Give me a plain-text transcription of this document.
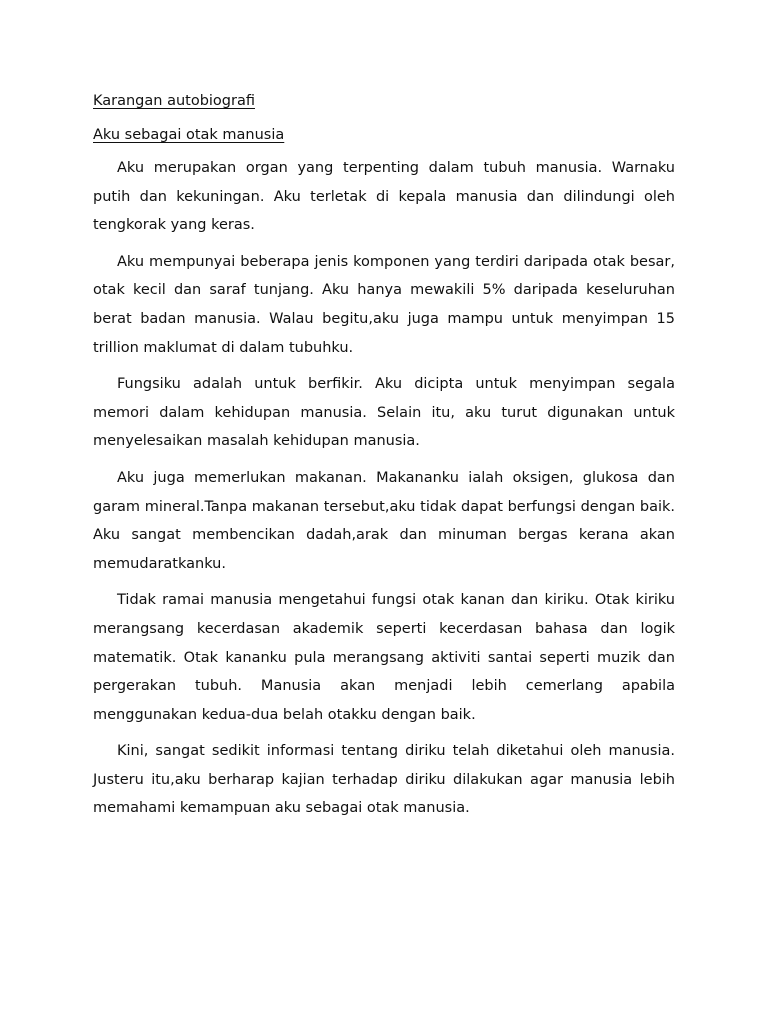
Karangan autobiografi
Aku sebagai otak manusia

Aku merupakan organ yang terpenting dalam tubuh manusia. Warnaku putih dan kekuningan. Aku terletak di kepala manusia dan dilindungi oleh tengkorak yang keras.

Aku mempunyai beberapa jenis komponen yang terdiri daripada otak besar, otak kecil dan saraf tunjang. Aku hanya mewakili 5% daripada keseluruhan berat badan manusia. Walau begitu,aku juga mampu untuk menyimpan 15 trillion maklumat di dalam tubuhku.

Fungsiku adalah untuk berfikir. Aku dicipta untuk menyimpan segala memori dalam kehidupan manusia. Selain itu, aku turut digunakan untuk menyelesaikan masalah kehidupan manusia.

Aku juga memerlukan makanan. Makananku ialah oksigen, glukosa dan garam mineral.Tanpa makanan tersebut,aku tidak dapat berfungsi dengan baik. Aku sangat membencikan dadah,arak dan minuman bergas kerana akan memudaratkanku.

Tidak ramai manusia mengetahui fungsi otak kanan dan kiriku. Otak kiriku merangsang kecerdasan akademik seperti kecerdasan bahasa dan logik matematik. Otak kananku pula merangsang aktiviti santai seperti muzik dan pergerakan tubuh. Manusia akan menjadi lebih cemerlang apabila menggunakan kedua-dua belah otakku dengan baik.

Kini, sangat sedikit informasi tentang diriku telah diketahui oleh manusia. Justeru itu,aku berharap kajian terhadap diriku dilakukan agar manusia lebih memahami kemampuan aku sebagai otak manusia.
